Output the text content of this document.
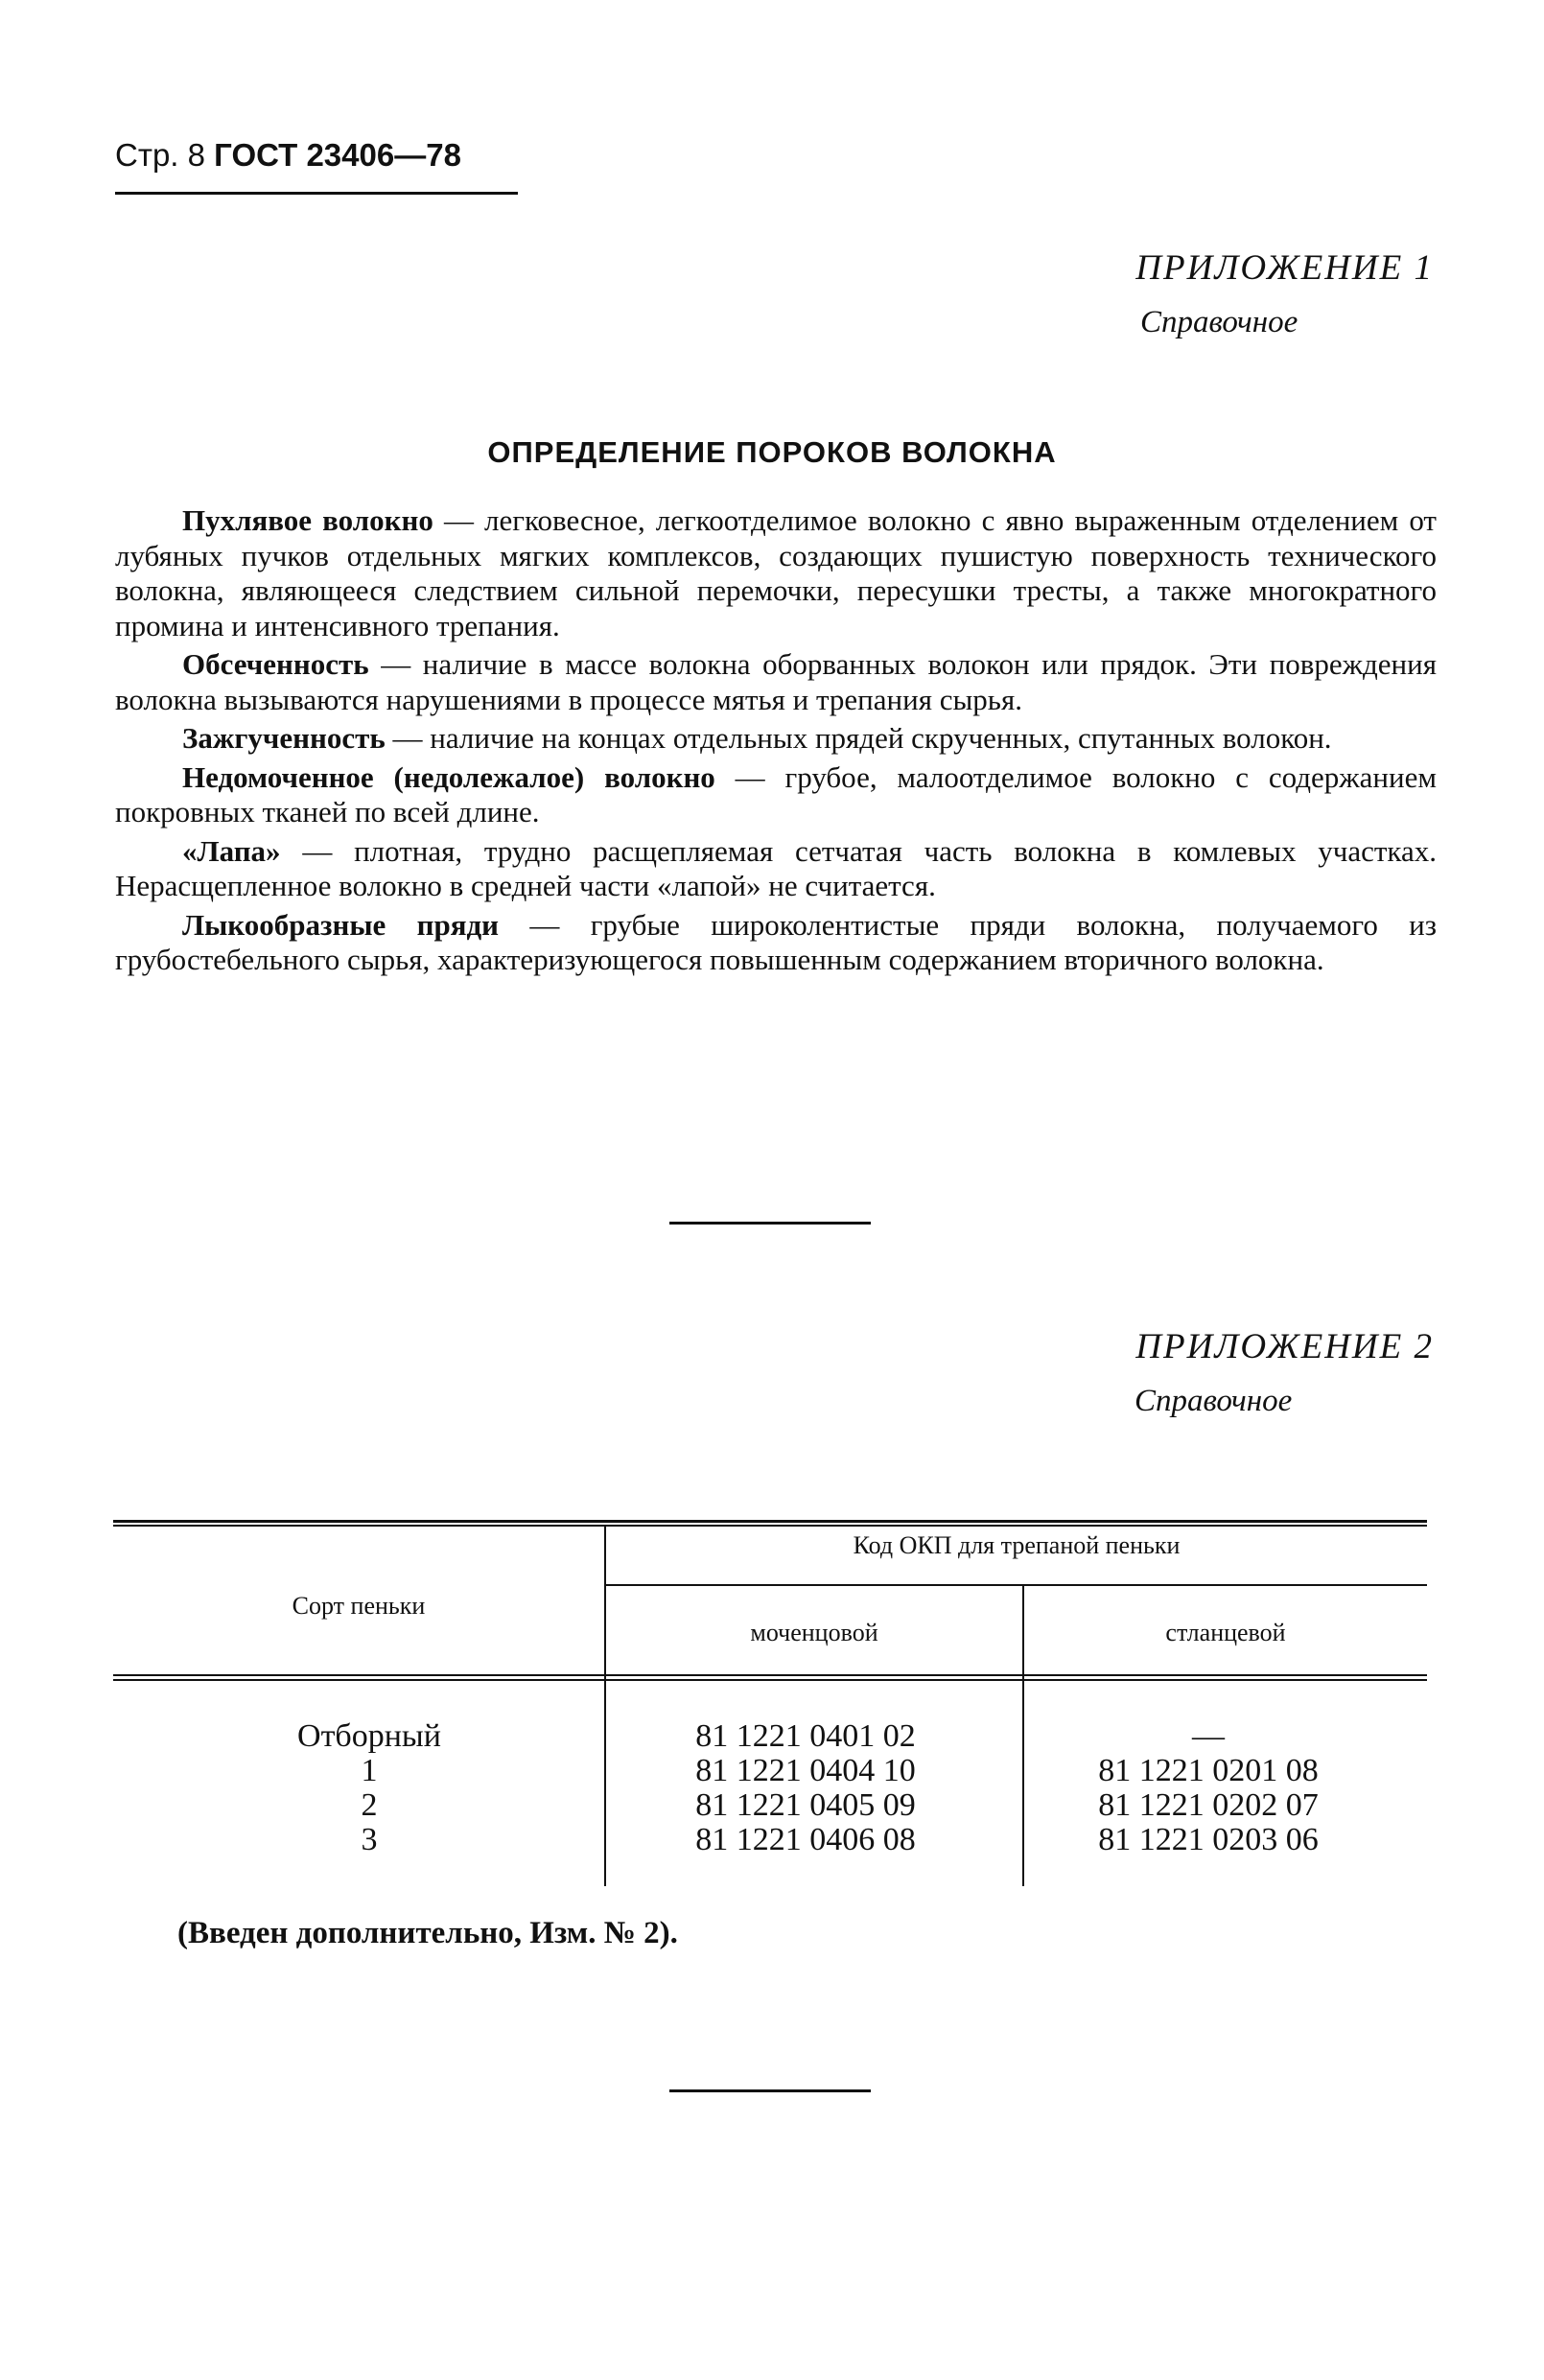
Стр. 8 ГОСТ 23406—78
ПРИЛОЖЕНИЕ 1
Справочное
ОПРЕДЕЛЕНИЕ ПОРОКОВ ВОЛОКНА

Пухлявое волокно — легковесное, легкоотделимое волокно с явно выраженным отделением от лубяных пучков отдельных мягких комплексов, создающих пушистую поверхность технического волокна, являющееся следствием сильной перемочки, пересушки тресты, а также многократного промина и интенсивного трепания.

Обсеченность — наличие в массе волокна оборванных волокон или прядок. Эти повреждения волокна вызываются нарушениями в процессе мятья и трепания сырья.

Зажгученность — наличие на концах отдельных прядей скрученных, спутанных волокон.

Недомоченное (недолежалое) волокно — грубое, малоотделимое волокно с содержанием покровных тканей по всей длине.

«Лапа» — плотная, трудно расщепляемая сетчатая часть волокна в комлевых участках. Нерасщепленное волокно в средней части «лапой» не считается.

Лыкообразные пряди — грубые широколентистые пряди волокна, получаемого из грубостебельного сырья, характеризующегося повышенным содержанием вторичного волокна.

ПРИЛОЖЕНИЕ 2
Справочное
Код ОКП для трепаной пеньки
Сорт пеньки
моченцовой	стланцевой
Отборный
1
2
3
81 1221 0401 02
81 1221 0404 10
81 1221 0405 09
81 1221 0406 08
—
81 1221 0201 08
81 1221 0202 07
81 1221 0203 06
(Введен дополнительно, Изм. № 2).
